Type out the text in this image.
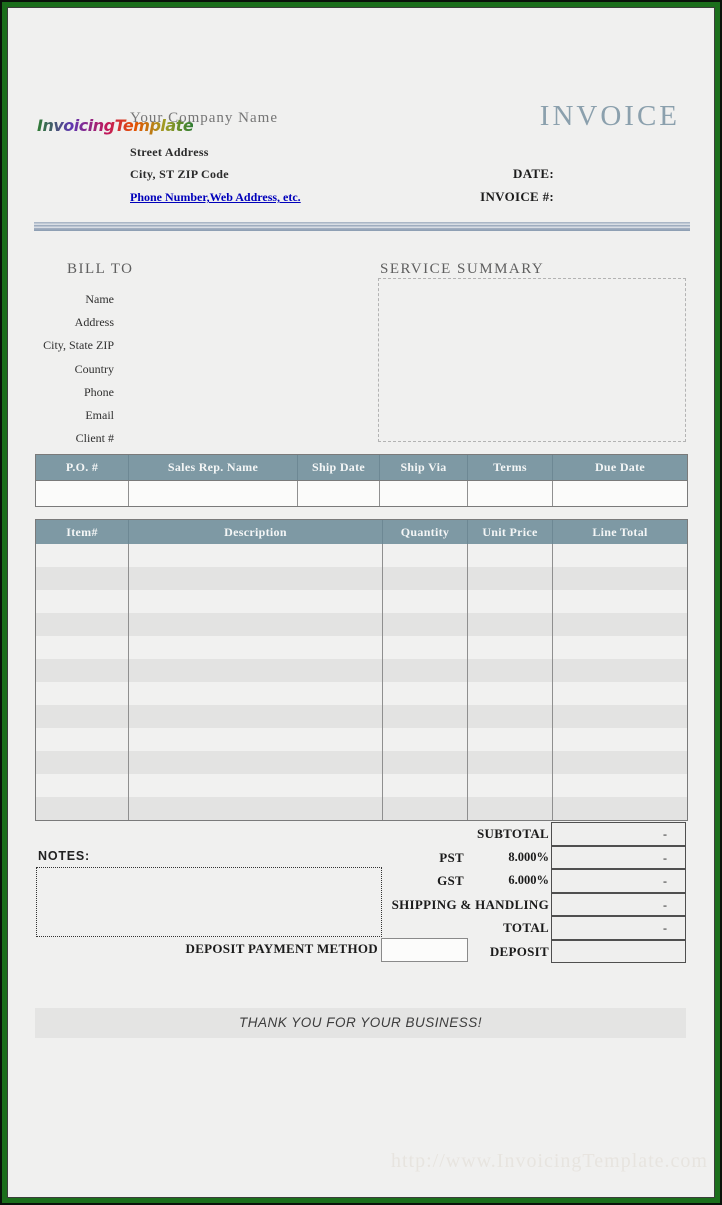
InvoicingTemplate
Your Company Name
Street Address
City, ST ZIP Code
Phone Number,Web Address, etc.
INVOICE
DATE:
INVOICE #:
BILL TO
Name
Address
City, State ZIP
Country
Phone
Email
Client #
SERVICE SUMMARY
P.O. #	Sales Rep. Name	Ship Date	Ship Via	Terms	Due Date
Item#	Description	Quantity	Unit Price	Line Total
SUBTOTAL	-
PST	8.000%	-
GST	6.000%	-
SHIPPING & HANDLING	-
TOTAL	-
DEPOSIT
NOTES:
DEPOSIT PAYMENT METHOD
THANK YOU FOR YOUR BUSINESS!
http://www.InvoicingTemplate.com
